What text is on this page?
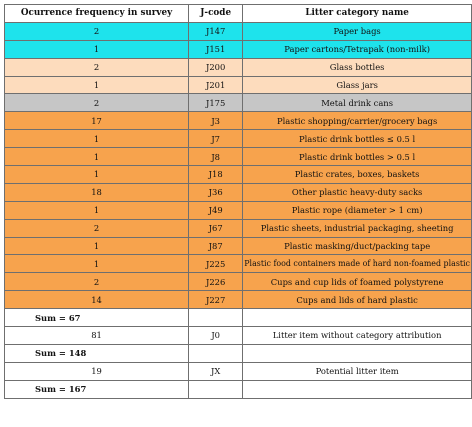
Ocurrence frequency in survey	J-code	Litter category name
2	J147	Paper bags
1	J151	Paper cartons/Tetrapak (non-milk)
2	J200	Glass bottles
1	J201	Glass jars
2	J175	Metal drink cans
17	J3	Plastic shopping/carrier/grocery bags
1	J7	Plastic drink bottles ≤ 0.5 l
1	J8	Plastic drink bottles > 0.5 l
1	J18	Plastic crates, boxes, baskets
18	J36	Other plastic heavy-duty sacks
1	J49	Plastic rope (diameter > 1 cm)
2	J67	Plastic sheets, industrial packaging, sheeting
1	J87	Plastic masking/duct/packing tape
1	J225	Plastic food containers made of hard non-foamed plastic
2	J226	Cups and cup lids of foamed polystyrene
14	J227	Cups and lids of hard plastic
Sum = 67		
81	J0	Litter item without category attribution
Sum = 148		
19	JX	Potential litter item
Sum = 167		
